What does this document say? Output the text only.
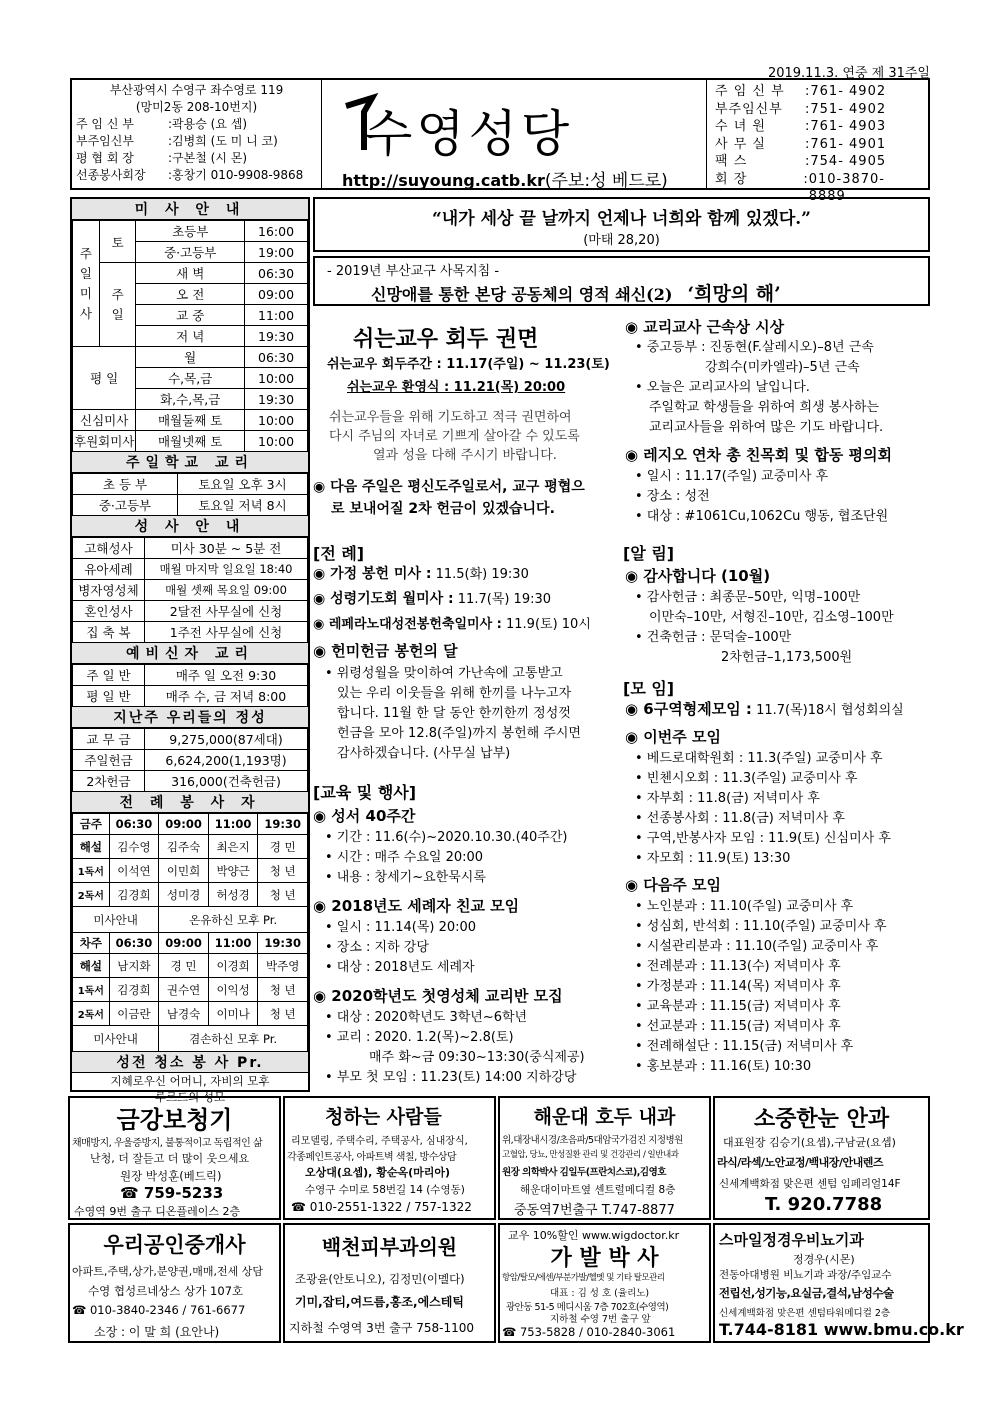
2019.11.3. 연중 제 31주일
부산광역시 수영구 좌수영로 119
(망미2동 208-10번지)
주 임 신 부	: 곽용승 (요 셉)
부주임신부	: 김병희 (도 미 니 코)
평 협 회 장	: 구본철 (시 몬)
선종봉사회장	: 홍창기 010-9908-9868
수영성당
http://suyoung.catb.kr(주보:성 베드로)
주 임 신 부	: 761- 4902
부주임신부	: 751- 4902
수 녀 원	: 761- 4903
사 무 실	: 761- 4901
팩 스	: 754- 4905
회 장	: 010-3870-8889
미 사 안 내
주
일
미
사	토	초등부	16:00
		중·고등부	19:00
	주
일	새 벽	06:30
		오 전	09:00
		교 중	11:00
		저 녁	19:30
평 일		월	06:30
		수,목,금	10:00
		화,수,목,금	19:30
신심미사		매월둘째 토	10:00
후원회미사		매월넷째 토	10:00
주일학교 교리
초 등 부	토요일 오후 3시
중·고등부	토요일 저녁 8시
성 사 안 내
고해성사	미사 30분 ~ 5분 전
유아세례	매월 마지막 일요일 18:40
병자영성체	매월 셋째 목요일 09:00
혼인성사	2달전 사무실에 신청
집 축 복	1주전 사무실에 신청
예비신자 교리
주 일 반	매주 일 오전 9:30
평 일 반	매주 수, 금 저녁 8:00
지난주 우리들의 정성
교 무 금	9,275,000(87세대)
주일헌금	6,624,200(1,193명)
2차헌금	316,000(건축헌금)
전 례 봉 사 자
금주	06:30	09:00	11:00	19:30
해설	김수영	김주숙	최은지	경 민
1독서	이석연	이민희	박양근	청 년
2독서	김경희	성미경	허성경	청 년
미사안내		온유하신 모후 Pr.		
차주	06:30	09:00	11:00	19:30
해설	남지화	경 민	이경희	박주영
1독서	김경희	권수연	이익성	청 년
2독서	이금란	남경숙	이미나	청 년
미사안내		겸손하신 모후 Pr.		
성전 청소 봉 사 Pr.
지혜로우신 어머니, 자비의 모후
루르드의 성모
“내가 세상 끝 날까지 언제나 너희와 함께 있겠다.”
(마태 28,20)
- 2019년 부산교구 사목지침 -
신망애를 통한 본당 공동체의 영적 쇄신(2) ‘희망의 해’
쉬는교우 회두 권면
쉬는교우 회두주간 : 11.17(주일) ~ 11.23(토)
쉬는교우 환영식 : 11.21(목) 20:00
쉬는교우들을 위해 기도하고 적극 권면하여
다시 주님의 자녀로 기쁘게 살아갈 수 있도록
열과 성을 다해 주시기 바랍니다.
◉ 다음 주일은 평신도주일로서, 교구 평협으
로 보내어질 2차 헌금이 있겠습니다.
[전 례]
◉ 가정 봉헌 미사 : 11.5(화) 19:30
◉ 성령기도회 월미사 : 11.7(목) 19:30
◉ 레페라노대성전봉헌축일미사 : 11.9(토) 10시
◉ 헌미헌금 봉헌의 달
• 위령성월을 맞이하여 가난속에 고통받고
있는 우리 이웃들을 위해 한끼를 나누고자
합니다. 11월 한 달 동안 한끼한끼 정성껏
헌금을 모아 12.8(주일)까지 봉헌해 주시면
감사하겠습니다. (사무실 납부)
[교육 및 행사]
◉ 성서 40주간
• 기간 : 11.6(수)~2020.10.30.(40주간)
• 시간 : 매주 수요일 20:00
• 내용 : 창세기~요한묵시록
◉ 2018년도 세례자 친교 모임
• 일시 : 11.14(목) 20:00
• 장소 : 지하 강당
• 대상 : 2018년도 세례자
◉ 2020학년도 첫영성체 교리반 모집
• 대상 : 2020학년도 3학년~6학년
• 교리 : 2020. 1.2(목)~2.8(토)
매주 화~금 09:30~13:30(중식제공)
• 부모 첫 모임 : 11.23(토) 14:00 지하강당
◉ 교리교사 근속상 시상
• 중고등부 : 진동현(F.살레시오)–8년 근속
강희수(미카엘라)–5년 근속
• 오늘은 교리교사의 날입니다.
주일학교 학생들을 위하여 희생 봉사하는
교리교사들을 위하여 많은 기도 바랍니다.
◉ 레지오 연차 총 친목회 및 합동 평의회
• 일시 : 11.17(주일) 교중미사 후
• 장소 : 성전
• 대상 : #1061Cu,1062Cu 행동, 협조단원
[알 림]
◉ 감사합니다 (10월)
• 감사헌금 : 최종문–50만, 익명–100만
이만숙–10만, 서형진–10만, 김소영–100만
• 건축헌금 : 문덕술–100만
2차헌금–1,173,500원
[모 임]
◉ 6구역형제모임 : 11.7(목)18시 협성회의실
◉ 이번주 모임
• 베드로대학원회 : 11.3(주일) 교중미사 후
• 빈첸시오회 : 11.3(주일) 교중미사 후
• 자부회 : 11.8(금) 저녁미사 후
• 선종봉사회 : 11.8(금) 저녁미사 후
• 구역,반봉사자 모임 : 11.9(토) 신심미사 후
• 자모회 : 11.9(토) 13:30
◉ 다음주 모임
• 노인분과 : 11.10(주일) 교중미사 후
• 성심회, 반석회 : 11.10(주일) 교중미사 후
• 시설관리분과 : 11.10(주일) 교중미사 후
• 전례분과 : 11.13(수) 저녁미사 후
• 가정분과 : 11.14(목) 저녁미사 후
• 교육분과 : 11.15(금) 저녁미사 후
• 선교분과 : 11.15(금) 저녁미사 후
• 전례해설단 : 11.15(금) 저녁미사 후
• 홍보분과 : 11.16(토) 10:30
금강보청기
채매방지, 우울증방지, 불통적이고 독립적인 삶
난청, 더 잘듣고 더 많이 웃으세요
원장 박성훈(베드릭)
☎ 759-5233
수영역 9번 출구 디온플레이스 2층
청하는 사람들
리모델링, 주택수리, 주택공사, 심내장식,
각종페인트공사, 아파트벽 색칠, 방수상담
오상대(요셉), 황순옥(마리아)
수영구 수미로 58번길 14 (수영동)
☎ 010-2551-1322 / 757-1322
해운대 호두 내과
위,대장내시경/초음파/5대암국가검진 지정병원
고혈압, 당뇨, 만성질환 관리 및 건강관리 / 일반내과
원장 의학박사 김일두(프란치스코),김영호
해운대이마트옆 센트럴메디컬 8층
중동역7번출구 T.747-8877
소중한눈 안과
대표원장 김승기(요셉),구남균(요셉)
라식/라섹/노안교정/백내장/안내렌즈
신세계백화점 맞은편 센텀 임페리얼14F
T. 920.7788
우리공인중개사
아파트,주택,상가,분양권,매매,전세 상담
수영 협성르네상스 상가 107호
☎ 010-3840-2346 / 761-6677
소장 : 이 말 희 (요안나)
백천피부과의원
조광윤(안토니오), 김정민(이멜다)
기미,잡티,여드름,홍조,에스테틱
지하철 수영역 3번 출구 758-1100
교우 10%할인 www.wigdoctor.kr
가 발 박 사
항암/탈모/에센/부분가발/헬멧 및 기타 탈모관리
대표 : 김 성 호 (율리노)
광안동 51-5 메디시움 7층 702호(수영역)
지하철 수영 7번 출구 앞
☎ 753-5828 / 010-2840-3061
스마일정경우비뇨기과
정경우(시몬)
전동아대병원 비뇨기과 과장/주임교수
전립선,성기능,요실금,결석,남성수술
신세계백화점 맞은편 센텀타워메디컬 2층
T.744-8181 www.bmu.co.kr
